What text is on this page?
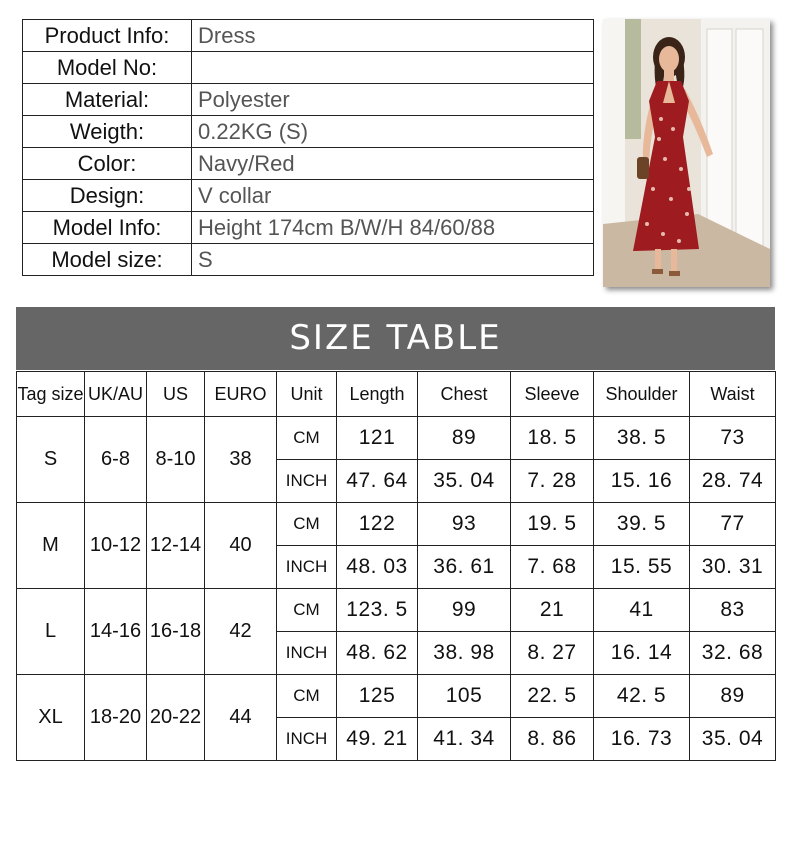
Product Info:	Dress
Model No:	
Material:	Polyester
Weigth:	0.22KG (S)
Color:	Navy/Red
Design:	V collar
Model Info:	Height 174cm B/W/H 84/60/88
Model size:	S
SIZE TABLE
Tag size	UK/AU	US	EURO	Unit	Length	Chest	Sleeve	Shoulder	Waist
S	6-8	8-10	38	CM	121	89	18. 5	38. 5	73
				INCH	47. 64	35. 04	7. 28	15. 16	28. 74
M	10-12	12-14	40	CM	122	93	19. 5	39. 5	77
				INCH	48. 03	36. 61	7. 68	15. 55	30. 31
L	14-16	16-18	42	CM	123. 5	99	21	41	83
				INCH	48. 62	38. 98	8. 27	16. 14	32. 68
XL	18-20	20-22	44	CM	125	105	22. 5	42. 5	89
				INCH	49. 21	41. 34	8. 86	16. 73	35. 04
